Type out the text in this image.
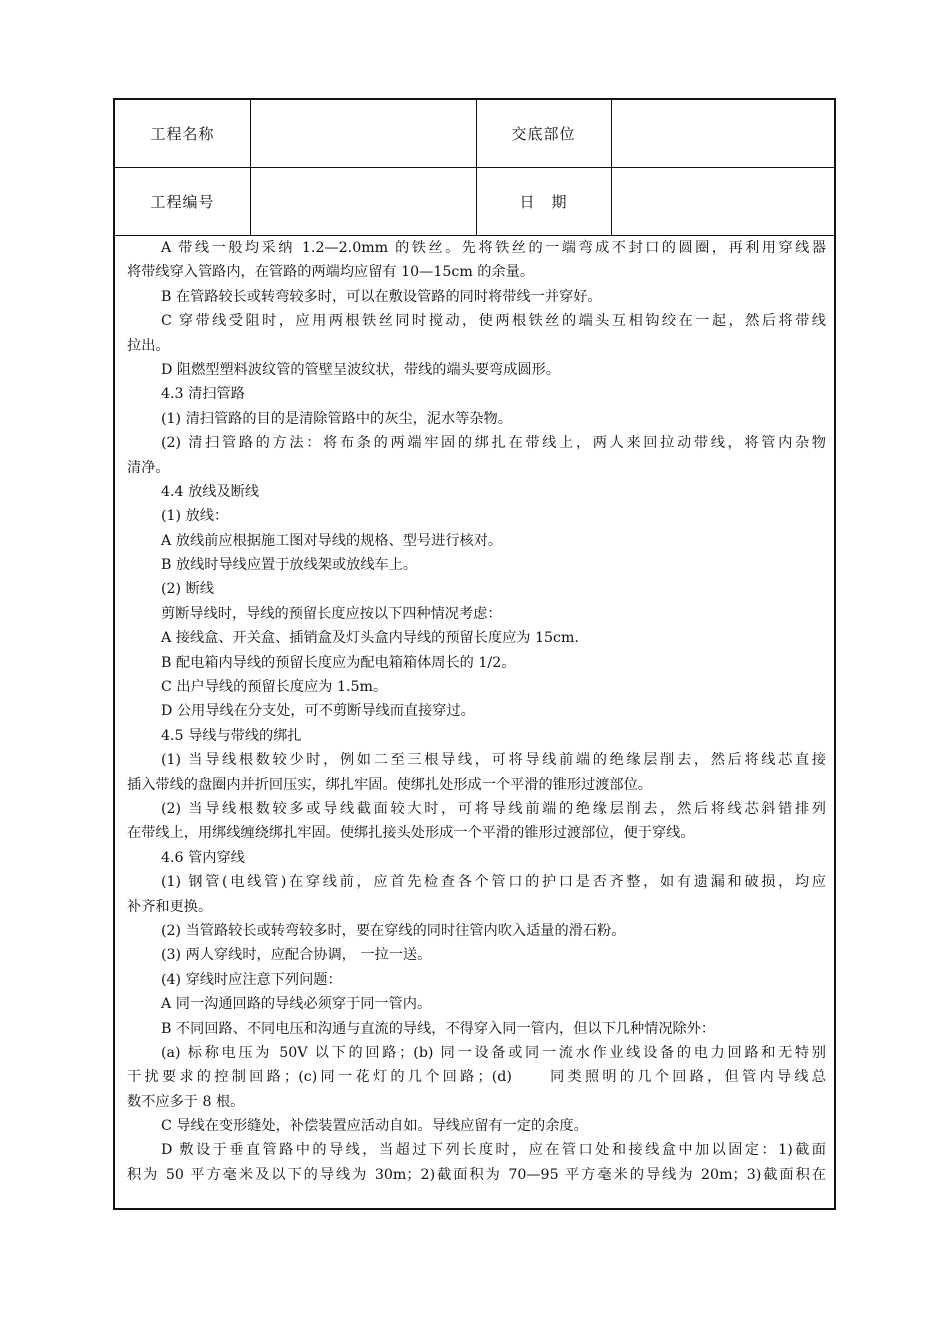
工程名称	交底部位
工程编号	日　期
A 带线一般均采纳 1.2—2.0mm 的铁丝。先将铁丝的一端弯成不封口的圆圈，再利用穿线器
将带线穿入管路内，在管路的两端均应留有 10—15cm 的余量。
B 在管路较长或转弯较多时，可以在敷设管路的同时将带线一并穿好。
C 穿带线受阻时，应用两根铁丝同时搅动，使两根铁丝的端头互相钩绞在一起，然后将带线
拉出。
D 阻燃型塑料波纹管的管壁呈波纹状，带线的端头要弯成圆形。
4.3 清扫管路
(1) 清扫管路的目的是清除管路中的灰尘，泥水等杂物。
(2) 清扫管路的方法：将布条的两端牢固的绑扎在带线上，两人来回拉动带线，将管内杂物
清净。
4.4 放线及断线
(1) 放线：
A 放线前应根据施工图对导线的规格、型号进行核对。
B 放线时导线应置于放线架或放线车上。
(2) 断线
剪断导线时，导线的预留长度应按以下四种情况考虑：
A 接线盒、开关盒、插销盒及灯头盒内导线的预留长度应为 15cm.
B 配电箱内导线的预留长度应为配电箱箱体周长的 1/2。
C 出户导线的预留长度应为 1.5m。
D 公用导线在分支处，可不剪断导线而直接穿过。
4.5 导线与带线的绑扎
(1) 当导线根数较少时，例如二至三根导线，可将导线前端的绝缘层削去，然后将线芯直接
插入带线的盘圈内并折回压实，绑扎牢固。使绑扎处形成一个平滑的锥形过渡部位。
(2) 当导线根数较多或导线截面较大时，可将导线前端的绝缘层削去，然后将线芯斜错排列
在带线上，用绑线缠绕绑扎牢固。使绑扎接头处形成一个平滑的锥形过渡部位，便于穿线。
4.6 管内穿线
(1) 钢管(电线管)在穿线前，应首先检查各个管口的护口是否齐整，如有遗漏和破损，均应
补齐和更换。
(2) 当管路较长或转弯较多时，要在穿线的同时往管内吹入适量的滑石粉。
(3) 两人穿线时，应配合协调， 一拉一送。
(4) 穿线时应注意下列问题：
A 同一沟通回路的导线必须穿于同一管内。
B 不同回路、不同电压和沟通与直流的导线，不得穿入同一管内，但以下几种情况除外：
(a) 标称电压为 50V 以下的回路；(b) 同一设备或同一流水作业线设备的电力回路和无特别
干扰要求的控制回路；(c)同一花灯的几个回路；(d)　　同类照明的几个回路，但管内导线总
数不应多于 8 根。
C 导线在变形缝处，补偿装置应活动自如。导线应留有一定的余度。
D 敷设于垂直管路中的导线，当超过下列长度时，应在管口处和接线盒中加以固定：1)截面
积为 50 平方毫米及以下的导线为 30m；2)截面积为 70—95 平方毫米的导线为 20m；3)截面积在
